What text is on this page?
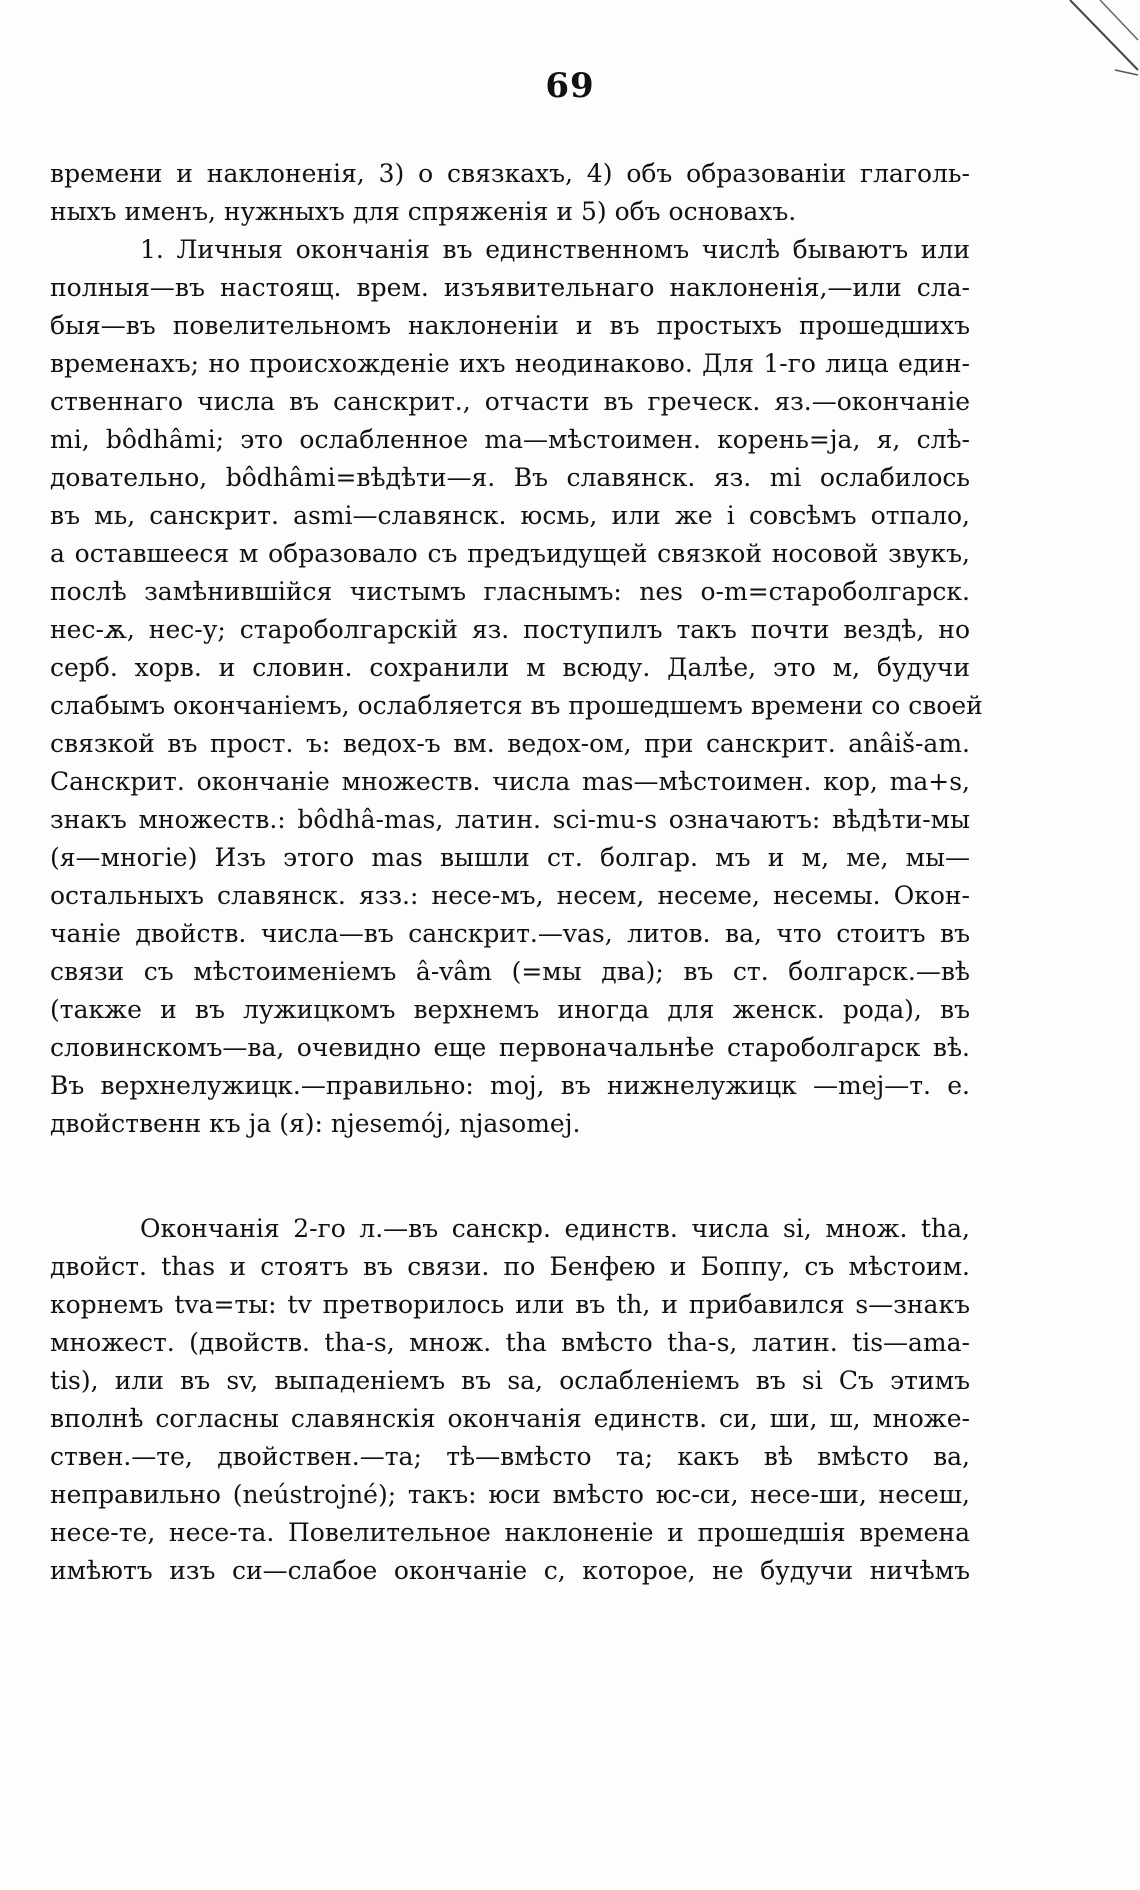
69
времени и наклоненія, 3) о связкахъ, 4) объ образованіи глаголь-
ныхъ именъ, нужныхъ для спряженія и 5) объ основахъ.
1. Личныя окончанія въ единственномъ числѣ бываютъ или
полныя—въ настоящ. врем. изъявительнаго наклоненія,—или сла-
быя—въ повелительномъ наклоненіи и въ простыхъ прошедшихъ
временахъ; но происхожденіе ихъ неодинаково. Для 1-го лица един-
ственнаго числа въ санскрит., отчасти въ греческ. яз.—окончаніе
mi, bôdhâmi; это ослабленное ma—мѣстоимен. корень=ja, я, слѣ-
довательно, bôdhâmi=вѣдѣти—я. Въ славянск. яз. mi ослабилось
въ мь, санскрит. asmi—славянск. юсмь, или же i совсѣмъ отпало,
а оставшееся м образовало съ предъидущей связкой носовой звукъ,
послѣ замѣнившійся чистымъ гласнымъ: nes o-m=староболгарск.
нес-ѫ, нес-у; староболгарскій яз. поступилъ такъ почти вездѣ, но
серб. хорв. и словин. сохранили м всюду. Далѣе, это м, будучи
слабымъ окончаніемъ, ослабляется въ прошедшемъ времени со своей
связкой въ прост. ъ: ведох-ъ вм. ведох-ом, при санскрит. anâiš-am.
Санскрит. окончаніе множеств. числа mas—мѣстоимен. кор, ma+s,
знакъ множеств.: bôdhâ-mas, латин. sci-mu-s означаютъ: вѣдѣти-мы
(я—многіе) Изъ этого mas вышли ст. болгар. мъ и м, ме, мы—
остальныхъ славянск. язз.: несе-мъ, несем, несеме, несемы. Окон-
чаніе двойств. числа—въ санскрит.—vas, литов. ва, что стоитъ въ
связи съ мѣстоименіемъ â-vâm (=мы два); въ ст. болгарск.—вѣ
(также и въ лужицкомъ верхнемъ иногда для женск. рода), въ
словинскомъ—ва, очевидно еще первоначальнѣе староболгарск вѣ.
Въ верхнелужицк.—правильно: moj, въ нижнелужицк —mej—т. е.
двойственн къ ja (я): njesemój, njasomej.
Окончанія 2-го л.—въ санскр. единств. числа si, множ. tha,
двойст. thas и стоятъ въ связи. по Бенфею и Боппу, съ мѣстоим.
корнемъ tva=ты: tv претворилось или въ th, и прибавился s—знакъ
множест. (двойств. tha-s, множ. tha вмѣсто tha-s, латин. tis—ama-
tis), или въ sv, выпаденіемъ въ sa, ослабленіемъ въ si Съ этимъ
вполнѣ согласны славянскія окончанія единств. си, ши, ш, множе-
ствен.—те, двойствен.—та; тѣ—вмѣсто та; какъ вѣ вмѣсто ва,
неправильно (neústrojné); такъ: юси вмѣсто юс-си, несе-ши, несеш,
несе-те, несе-та. Повелительное наклоненіе и прошедшія времена
имѣютъ изъ си—слабое окончаніе с, которое, не будучи ничѣмъ
